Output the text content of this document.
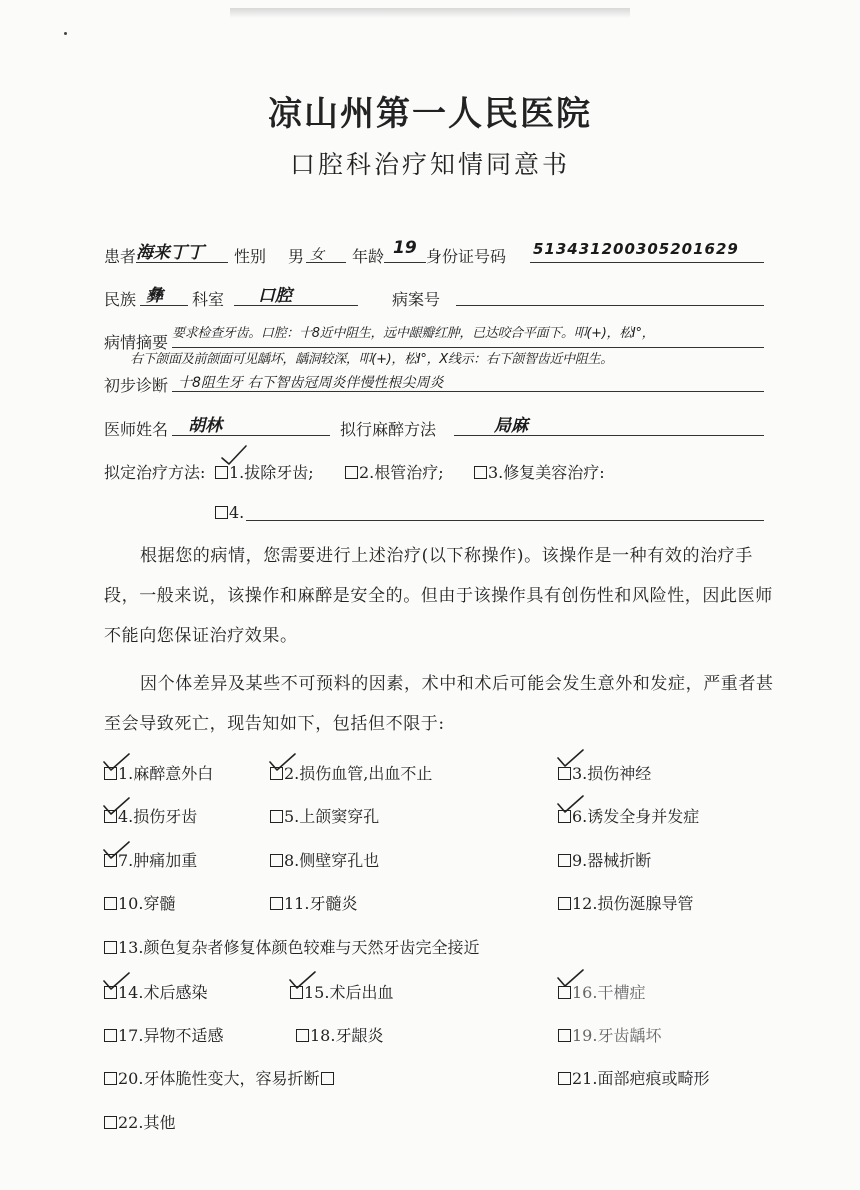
凉山州第一人民医院
口腔科治疗知情同意书
患者 海来丁丁 性别 男 女 年龄 19 身份证号码 513431200305201629
民族 彝 科室 口腔	病案号
病情摘要 要求检查牙齿。口腔：十8近中阻生，远中龈瓣红肿，已达咬合平面下。叩(+)，松I°，
右下颌面及前颌面可见龋坏，龋洞较深，叩(+)，松I°，X线示：右下颌智齿近中阻生。
初步诊断 十8阻生牙 右下智齿冠周炎伴慢性根尖周炎
医师姓名 胡林	拟行麻醉方法	局麻
拟定治疗方法:	1.拔除牙齿;	2.根管治疗;	3.修复美容治疗:
4.
根据您的病情，您需要进行上述治疗(以下称操作)。该操作是一种有效的治疗手段，一般来说，该操作和麻醉是安全的。但由于该操作具有创伤性和风险性，因此医师不能向您保证治疗效果。
因个体差异及某些不可预料的因素，术中和术后可能会发生意外和发症，严重者甚至会导致死亡，现告知如下，包括但不限于:
1.麻醉意外白	2.损伤血管,出血不止	3.损伤神经
4.损伤牙齿	5.上颌窦穿孔	6.诱发全身并发症
7.肿痛加重	8.侧壁穿孔也	9.器械折断
10.穿髓	11.牙髓炎	12.损伤涎腺导管
13.颜色复杂者修复体颜色较难与天然牙齿完全接近
14.术后感染	15.术后出血	16.干槽症
17.异物不适感	18.牙龈炎	19.牙齿龋坏
20.牙体脆性变大，容易折断	21.面部疤痕或畸形
22.其他
